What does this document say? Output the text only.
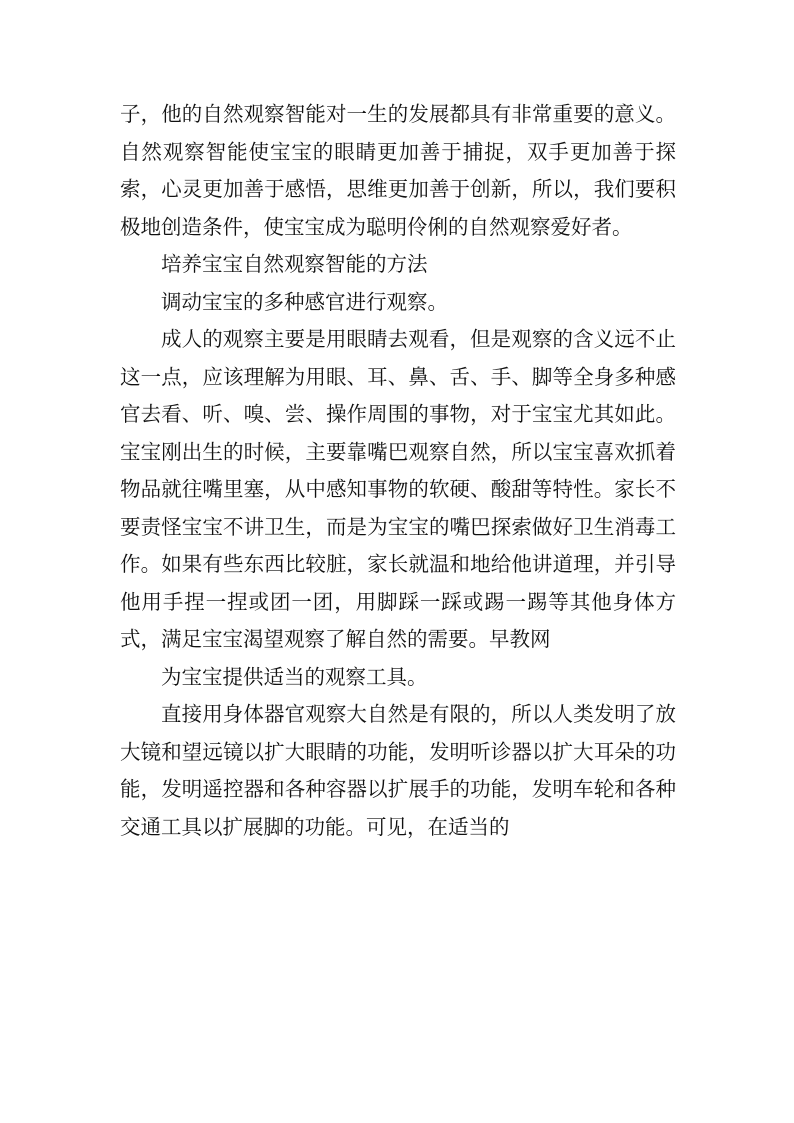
子，他的自然观察智能对一生的发展都具有非常重要的意义。自然观察智能使宝宝的眼睛更加善于捕捉，双手更加善于探索，心灵更加善于感悟，思维更加善于创新，所以，我们要积极地创造条件，使宝宝成为聪明伶俐的自然观察爱好者。

培养宝宝自然观察智能的方法

调动宝宝的多种感官进行观察。

成人的观察主要是用眼睛去观看，但是观察的含义远不止这一点，应该理解为用眼、耳、鼻、舌、手、脚等全身多种感官去看、听、嗅、尝、操作周围的事物，对于宝宝尤其如此。宝宝刚出生的时候，主要靠嘴巴观察自然，所以宝宝喜欢抓着物品就往嘴里塞，从中感知事物的软硬、酸甜等特性。家长不要责怪宝宝不讲卫生，而是为宝宝的嘴巴探索做好卫生消毒工作。如果有些东西比较脏，家长就温和地给他讲道理，并引导他用手捏一捏或团一团，用脚踩一踩或踢一踢等其他身体方式，满足宝宝渴望观察了解自然的需要。早教网

为宝宝提供适当的观察工具。

直接用身体器官观察大自然是有限的，所以人类发明了放大镜和望远镜以扩大眼睛的功能，发明听诊器以扩大耳朵的功能，发明遥控器和各种容器以扩展手的功能，发明车轮和各种交通工具以扩展脚的功能。可见，在适当的
